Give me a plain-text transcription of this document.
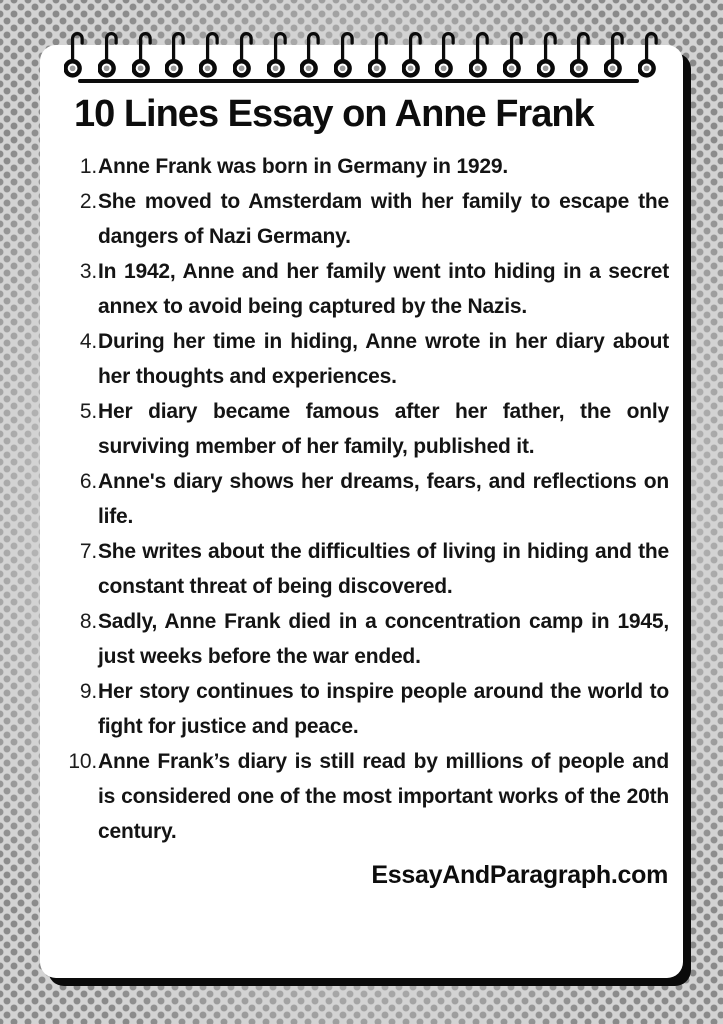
10 Lines Essay on Anne Frank
1. Anne Frank was born in Germany in 1929.
2. She moved to Amsterdam with her family to escape the dangers of Nazi Germany.
3. In 1942, Anne and her family went into hiding in a secret annex to avoid being captured by the Nazis.
4. During her time in hiding, Anne wrote in her diary about her thoughts and experiences.
5. Her diary became famous after her father, the only surviving member of her family, published it.
6. Anne's diary shows her dreams, fears, and reflections on life.
7. She writes about the difficulties of living in hiding and the constant threat of being discovered.
8. Sadly, Anne Frank died in a concentration camp in 1945, just weeks before the war ended.
9. Her story continues to inspire people around the world to fight for justice and peace.
10. Anne Frank’s diary is still read by millions of people and is considered one of the most important works of the 20th century.
EssayAndParagraph.com
